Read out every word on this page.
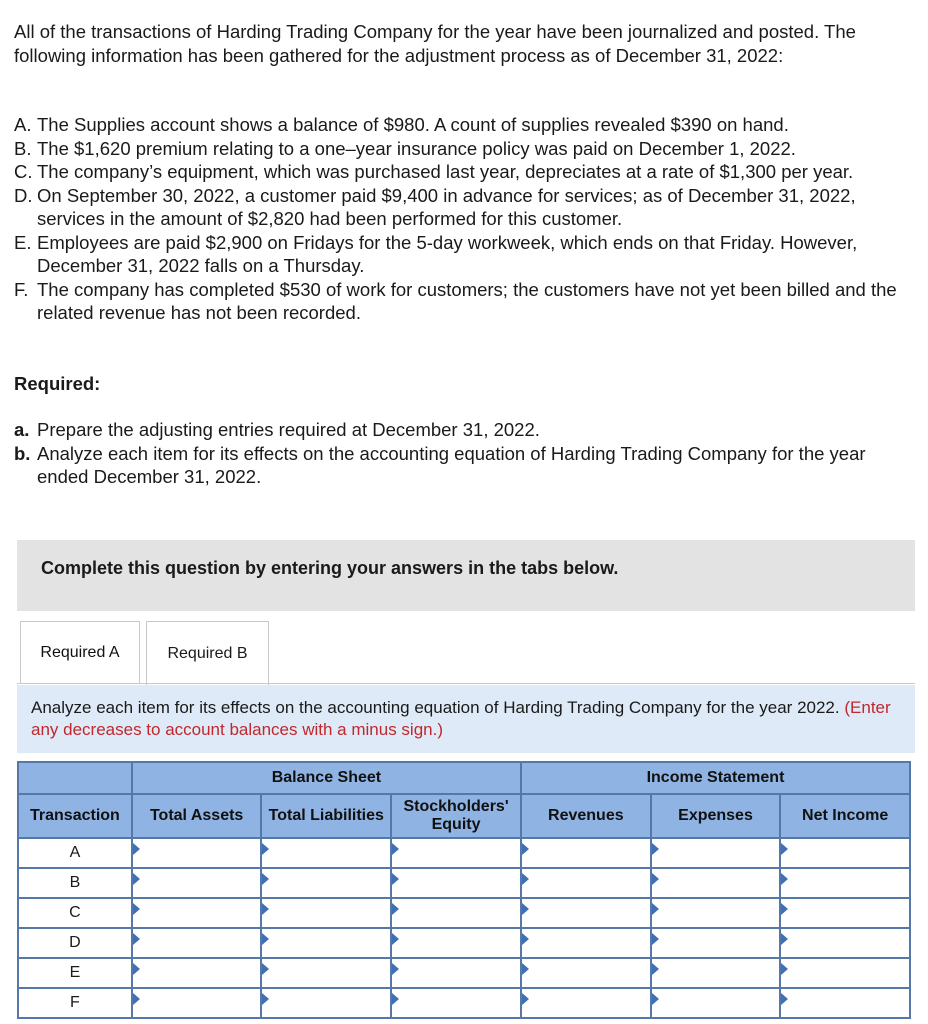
All of the transactions of Harding Trading Company for the year have been journalized and posted. The following information has been gathered for the adjustment process as of December 31, 2022:

A. The Supplies account shows a balance of $980. A count of supplies revealed $390 on hand.
B. The $1,620 premium relating to a one–year insurance policy was paid on December 1, 2022.
C. The company’s equipment, which was purchased last year, depreciates at a rate of $1,300 per year.
D. On September 30, 2022, a customer paid $9,400 in advance for services; as of December 31, 2022, services in the amount of $2,820 had been performed for this customer.
E. Employees are paid $2,900 on Fridays for the 5-day workweek, which ends on that Friday. However, December 31, 2022 falls on a Thursday.
F. The company has completed $530 of work for customers; the customers have not yet been billed and the related revenue has not been recorded.
Required:
a. Prepare the adjusting entries required at December 31, 2022.
b. Analyze each item for its effects on the accounting equation of Harding Trading Company for the year ended December 31, 2022.
Complete this question by entering your answers in the tabs below.
Required A	Required B
Analyze each item for its effects on the accounting equation of Harding Trading Company for the year 2022. (Enter any decreases to account balances with a minus sign.)
	Balance Sheet			Income Statement		
Transaction	Total Assets	Total Liabilities	Stockholders' Equity	Revenues	Expenses	Net Income
A	

B	

C	

D	

E	

F	
